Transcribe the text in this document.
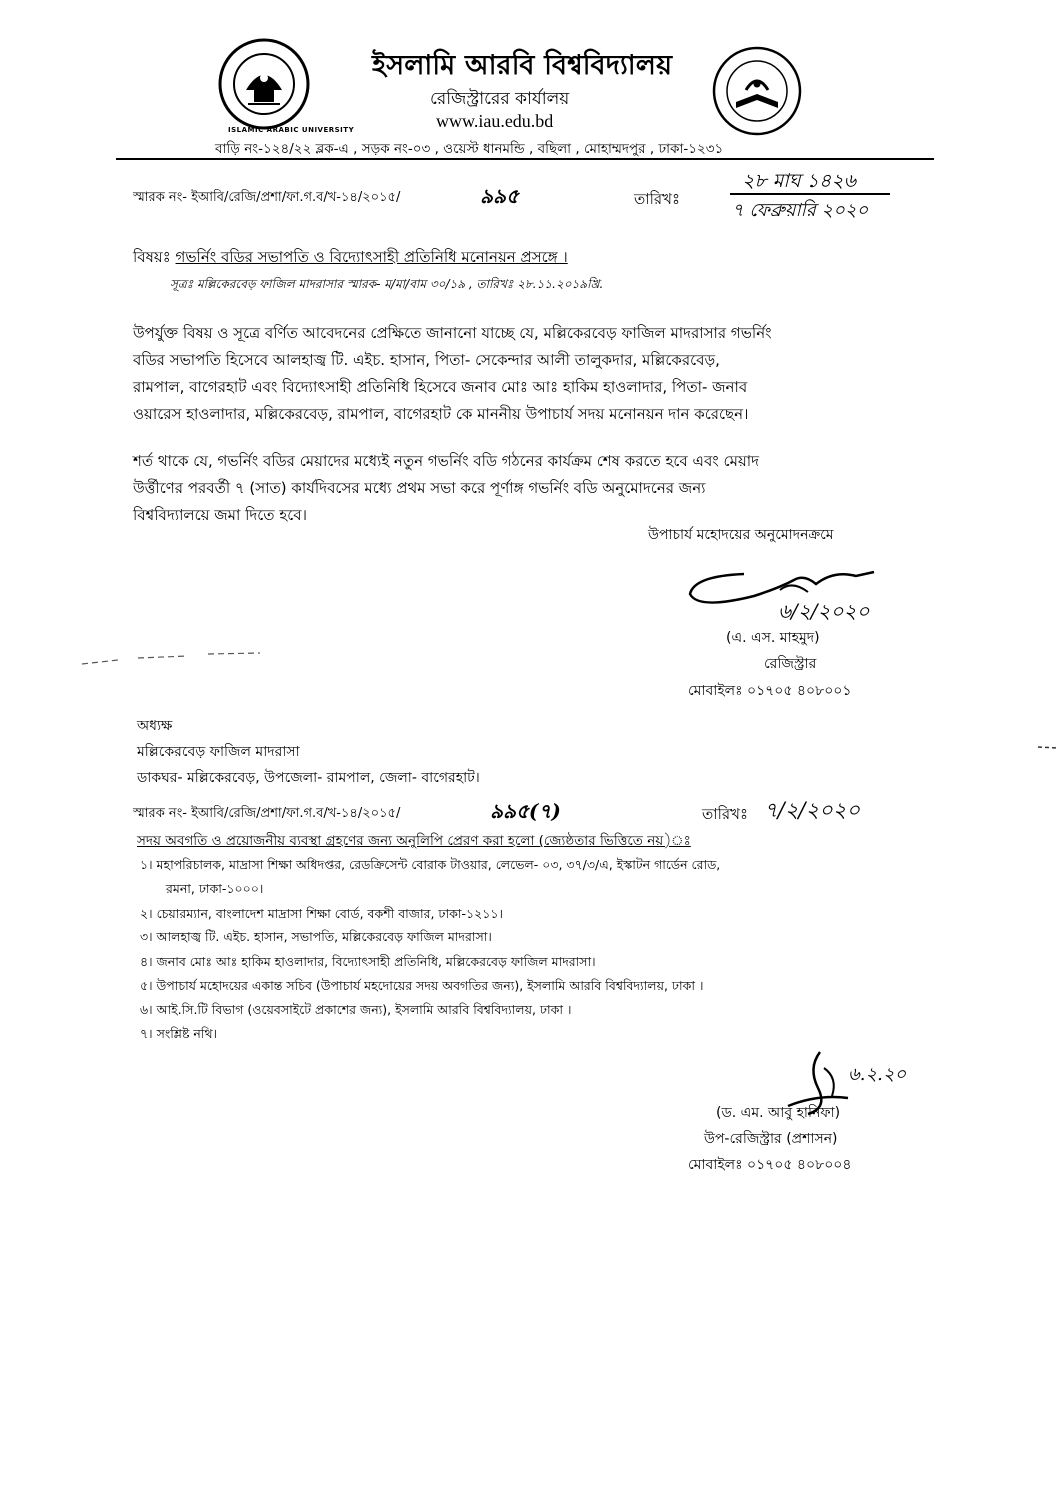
ISLAMIC ARABIC UNIVERSITY
ইসলামি আরবি বিশ্ববিদ্যালয়
রেজিস্ট্রারের কার্যালয়
www.iau.edu.bd
বাড়ি নং-১২৪/২২ ব্লক-এ , সড়ক নং-০৩ , ওয়েস্ট ধানমন্ডি , বছিলা , মোহাম্মদপুর , ঢাকা-১২৩১
স্মারক নং- ইআবি/রেজি/প্রশা/ফা.গ.ব/খ-১৪/২০১৫/	৯৯৫	তারিখঃ
২৮ মাঘ ১৪২৬
৭ ফেব্রুয়ারি ২০২০
বিষয়ঃ গভর্নিং বডির সভাপতি ও বিদ্যোৎসাহী প্রতিনিধি মনোনয়ন প্রসঙ্গে ।
সূত্রঃ মল্লিকেরবেড় ফাজিল মাদরাসার স্মারক- ম/মা/বাম ৩০/১৯ , তারিখঃ ২৮.১১.২০১৯খ্রি.
উপর্যুক্ত বিষয় ও সূত্রে বর্ণিত আবেদনের প্রেক্ষিতে জানানো যাচ্ছে যে, মল্লিকেরবেড় ফাজিল মাদরাসার গভর্নিং
বডির সভাপতি হিসেবে আলহাজ্ব টি. এইচ. হাসান, পিতা- সেকেন্দার আলী তালুকদার, মল্লিকেরবেড়,
রামপাল, বাগেরহাট এবং বিদ্যোৎসাহী প্রতিনিধি হিসেবে জনাব মোঃ আঃ হাকিম হাওলাদার, পিতা- জনাব
ওয়ারেস হাওলাদার, মল্লিকেরবেড়, রামপাল, বাগেরহাট কে মাননীয় উপাচার্য সদয় মনোনয়ন দান করেছেন।
শর্ত থাকে যে, গভর্নিং বডির মেয়াদের মধ্যেই নতুন গভর্নিং বডি গঠনের কার্যক্রম শেষ করতে হবে এবং মেয়াদ
উর্ত্তীণের পরবর্তী ৭ (সাত) কার্যদিবসের মধ্যে প্রথম সভা করে পূর্ণাঙ্গ গভর্নিং বডি অনুমোদনের জন্য
বিশ্ববিদ্যালয়ে জমা দিতে হবে।
উপাচার্য মহোদয়ের অনুমোদনক্রমে
৬/২/২০২০
(এ. এস. মাহমুদ)
রেজিস্ট্রার
মোবাইলঃ ০১৭০৫ ৪০৮০০১
অধ্যক্ষ
মল্লিকেরবেড় ফাজিল মাদরাসা
ডাকঘর- মল্লিকেরবেড়, উপজেলা- রামপাল, জেলা- বাগেরহাট।
স্মারক নং- ইআবি/রেজি/প্রশা/ফা.গ.ব/খ-১৪/২০১৫/	৯৯৫(৭)	তারিখঃ ৭/২/২০২০
সদয় অবগতি ও প্রয়োজনীয় ব্যবস্থা গ্রহণের জন্য অনুলিপি প্রেরণ করা হলো (জ্যেষ্ঠতার ভিত্তিতে নয়)ঃ
১। মহাপরিচালক, মাদ্রাসা শিক্ষা অধিদপ্তর, রেডক্রিসেন্ট বোরাক টাওয়ার, লেভেল- ০৩, ৩৭/৩/এ, ইস্কাটন গার্ডেন রোড,
রমনা, ঢাকা-১০০০।
২। চেয়ারম্যান, বাংলাদেশ মাদ্রাসা শিক্ষা বোর্ড, বকশী বাজার, ঢাকা-১২১১।
৩। আলহাজ্ব টি. এইচ. হাসান, সভাপতি, মল্লিকেরবেড় ফাজিল মাদরাসা।
৪। জনাব মোঃ আঃ হাকিম হাওলাদার, বিদ্যোৎসাহী প্রতিনিধি, মল্লিকেরবেড় ফাজিল মাদরাসা।
৫। উপাচার্য মহোদয়ের একান্ত সচিব (উপাচার্য মহদোয়ের সদয় অবগতির জন্য), ইসলামি আরবি বিশ্ববিদ্যালয়, ঢাকা ।
৬। আই.সি.টি বিভাগ (ওয়েবসাইটে প্রকাশের জন্য), ইসলামি আরবি বিশ্ববিদ্যালয়, ঢাকা ।
৭। সংশ্লিষ্ট নথি।
৬.২.২০
(ড. এম. আবু হানিফা)
উপ-রেজিস্ট্রার (প্রশাসন)
মোবাইলঃ ০১৭০৫ ৪০৮০০৪
